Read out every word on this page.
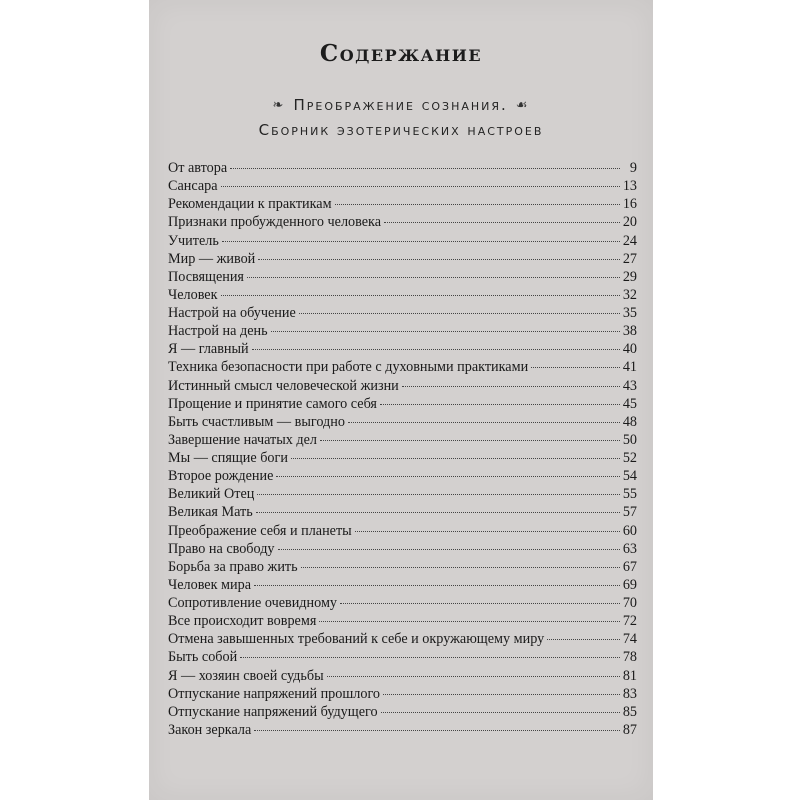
Содержание
❧ Преображение сознания. ☙
Сборник эзотерических настроев
От автора	9
Сансара	13
Рекомендации к практикам	16
Признаки пробужденного человека	20
Учитель	24
Мир — живой	27
Посвящения	29
Человек	32
Настрой на обучение	35
Настрой на день	38
Я — главный	40
Техника безопасности при работе с духовными практиками	41
Истинный смысл человеческой жизни	43
Прощение и принятие самого себя	45
Быть счастливым — выгодно	48
Завершение начатых дел	50
Мы — спящие боги	52
Второе рождение	54
Великий Отец	55
Великая Мать	57
Преображение себя и планеты	60
Право на свободу	63
Борьба за право жить	67
Человек мира	69
Сопротивление очевидному	70
Все происходит вовремя	72
Отмена завышенных требований к себе и окружающему миру	74
Быть собой	78
Я — хозяин своей судьбы	81
Отпускание напряжений прошлого	83
Отпускание напряжений будущего	85
Закон зеркала	87
